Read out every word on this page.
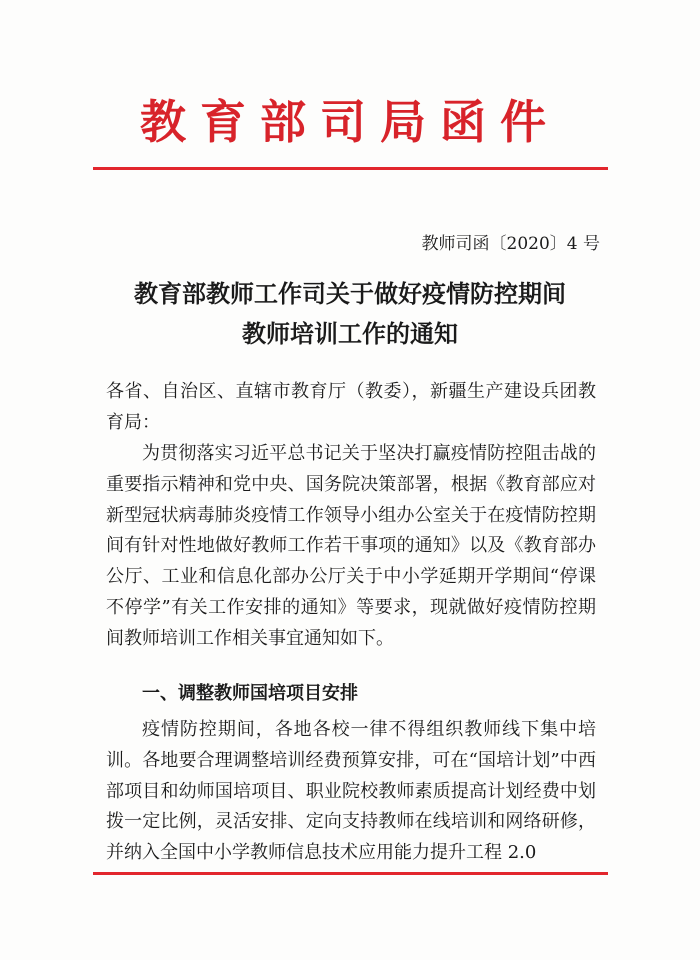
教育部司局函件
教师司函〔2020〕4 号
教育部教师工作司关于做好疫情防控期间
教师培训工作的通知
各省、自治区、直辖市教育厅（教委），新疆生产建设兵团教育局：
为贯彻落实习近平总书记关于坚决打赢疫情防控阻击战的重要指示精神和党中央、国务院决策部署，根据《教育部应对新型冠状病毒肺炎疫情工作领导小组办公室关于在疫情防控期间有针对性地做好教师工作若干事项的通知》以及《教育部办公厅、工业和信息化部办公厅关于中小学延期开学期间“停课不停学”有关工作安排的通知》等要求，现就做好疫情防控期间教师培训工作相关事宜通知如下。
一、调整教师国培项目安排
疫情防控期间，各地各校一律不得组织教师线下集中培训。各地要合理调整培训经费预算安排，可在“国培计划”中西部项目和幼师国培项目、职业院校教师素质提高计划经费中划拨一定比例，灵活安排、定向支持教师在线培训和网络研修，并纳入全国中小学教师信息技术应用能力提升工程 2.0
